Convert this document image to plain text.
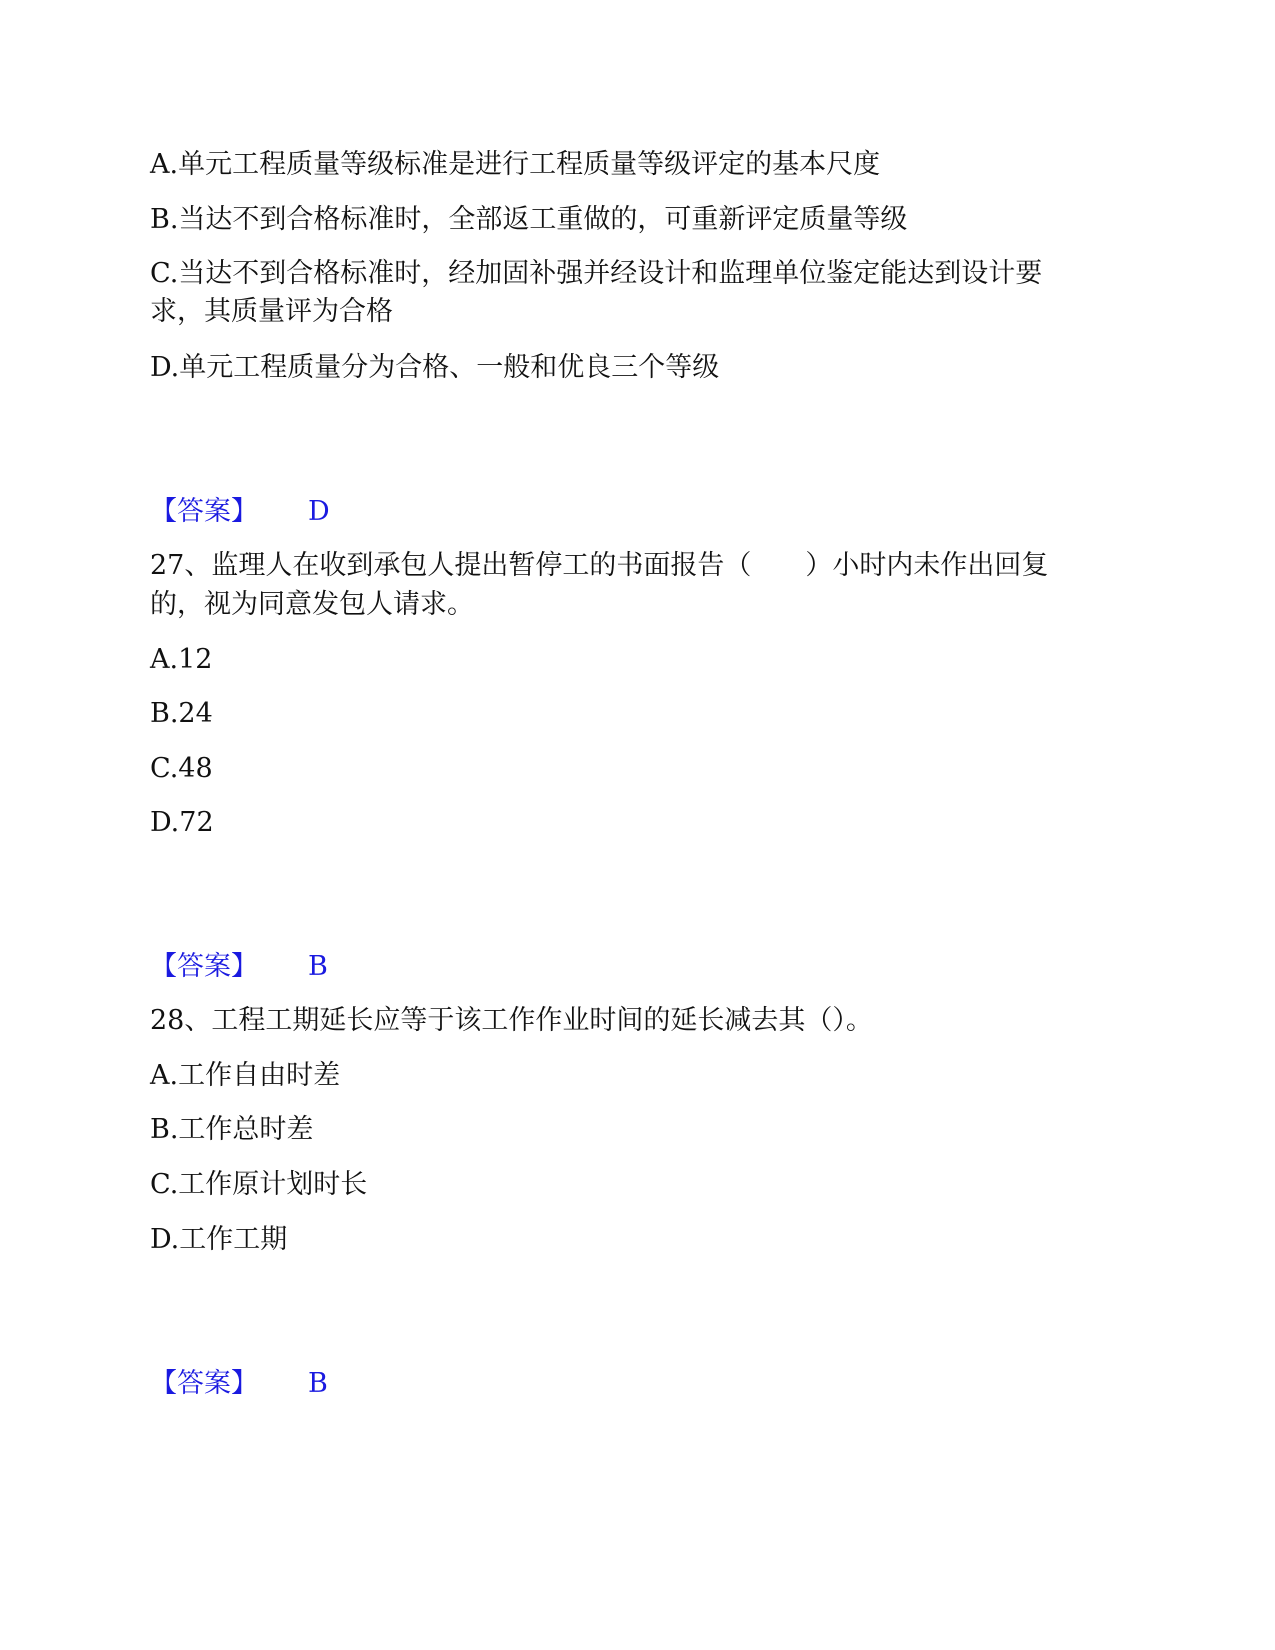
A.单元工程质量等级标准是进行工程质量等级评定的基本尺度
B.当达不到合格标准时，全部返工重做的，可重新评定质量等级
C.当达不到合格标准时，经加固补强并经设计和监理单位鉴定能达到设计要
求，其质量评为合格
D.单元工程质量分为合格、一般和优良三个等级
【答案】 D
27、监理人在收到承包人提出暂停工的书面报告（　　）小时内未作出回复
的，视为同意发包人请求。
A.12
B.24
C.48
D.72
【答案】 B
28、工程工期延长应等于该工作作业时间的延长减去其（）。
A.工作自由时差
B.工作总时差
C.工作原计划时长
D.工作工期
【答案】 B
